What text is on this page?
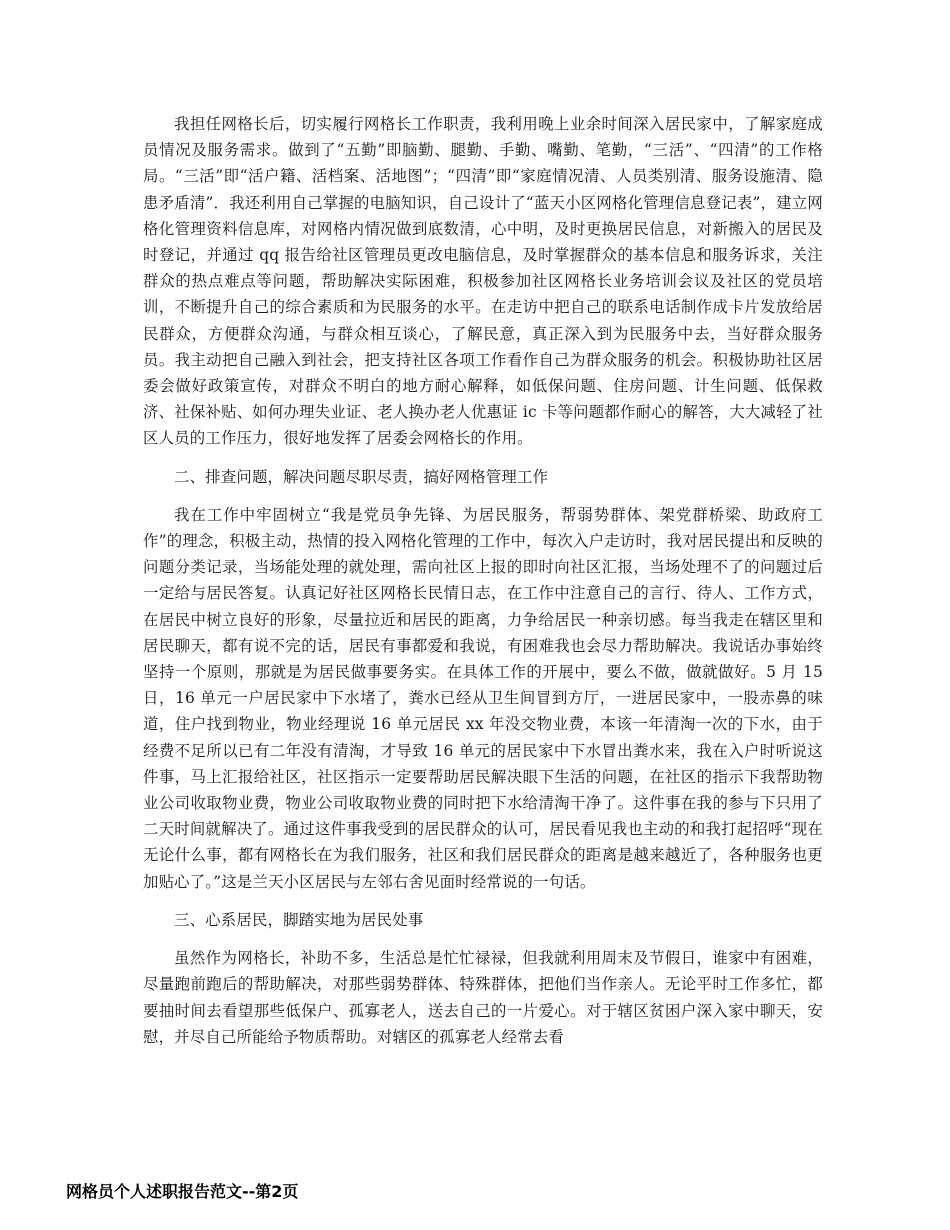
我担任网格长后，切实履行网格长工作职责，我利用晚上业余时间深入居民家中，了解家庭成员情况及服务需求。做到了“五勤”即脑勤、腿勤、手勤、嘴勤、笔勤，“三活”、“四清”的工作格局。“三活”即“活户籍、活档案、活地图”；“四清”即“家庭情况清、人员类别清、服务设施清、隐患矛盾清”．我还利用自己掌握的电脑知识，自己设计了“蓝天小区网格化管理信息登记表”，建立网格化管理资料信息库，对网格内情况做到底数清，心中明，及时更换居民信息，对新搬入的居民及时登记，并通过 qq 报告给社区管理员更改电脑信息，及时掌握群众的基本信息和服务诉求，关注群众的热点难点等问题，帮助解决实际困难，积极参加社区网格长业务培训会议及社区的党员培训，不断提升自己的综合素质和为民服务的水平。在走访中把自己的联系电话制作成卡片发放给居民群众，方便群众沟通，与群众相互谈心，了解民意，真正深入到为民服务中去，当好群众服务员。我主动把自己融入到社会，把支持社区各项工作看作自己为群众服务的机会。积极协助社区居委会做好政策宣传，对群众不明白的地方耐心解释，如低保问题、住房问题、计生问题、低保救济、社保补贴、如何办理失业证、老人换办老人优惠证 ic 卡等问题都作耐心的解答，大大减轻了社区人员的工作压力，很好地发挥了居委会网格长的作用。

二、排查问题，解决问题尽职尽责，搞好网格管理工作

我在工作中牢固树立“我是党员争先锋、为居民服务，帮弱势群体、架党群桥梁、助政府工作”的理念，积极主动，热情的投入网格化管理的工作中，每次入户走访时，我对居民提出和反映的问题分类记录，当场能处理的就处理，需向社区上报的即时向社区汇报，当场处理不了的问题过后一定给与居民答复。认真记好社区网格长民情日志，在工作中注意自己的言行、待人、工作方式，在居民中树立良好的形象，尽量拉近和居民的距离，力争给居民一种亲切感。每当我走在辖区里和居民聊天，都有说不完的话，居民有事都爱和我说，有困难我也会尽力帮助解决。我说话办事始终坚持一个原则，那就是为居民做事要务实。在具体工作的开展中，要么不做，做就做好。5 月 15 日，16 单元一户居民家中下水堵了，粪水已经从卫生间冒到方厅，一进居民家中，一股赤鼻的味道，住户找到物业，物业经理说 16 单元居民 xx 年没交物业费，本该一年清淘一次的下水，由于经费不足所以已有二年没有清淘，才导致 16 单元的居民家中下水冒出粪水来，我在入户时听说这件事，马上汇报给社区，社区指示一定要帮助居民解决眼下生活的问题，在社区的指示下我帮助物业公司收取物业费，物业公司收取物业费的同时把下水给清淘干净了。这件事在我的参与下只用了二天时间就解决了。通过这件事我受到的居民群众的认可，居民看见我也主动的和我打起招呼“现在无论什么事，都有网格长在为我们服务，社区和我们居民群众的距离是越来越近了，各种服务也更加贴心了。”这是兰天小区居民与左邻右舍见面时经常说的一句话。

三、心系居民，脚踏实地为居民处事

虽然作为网格长，补助不多，生活总是忙忙禄禄，但我就利用周末及节假日，谁家中有困难，尽量跑前跑后的帮助解决，对那些弱势群体、特殊群体，把他们当作亲人。无论平时工作多忙，都要抽时间去看望那些低保户、孤寡老人，送去自己的一片爱心。对于辖区贫困户深入家中聊天，安慰，并尽自己所能给予物质帮助。对辖区的孤寡老人经常去看

网格员个人述职报告范文--第2页
